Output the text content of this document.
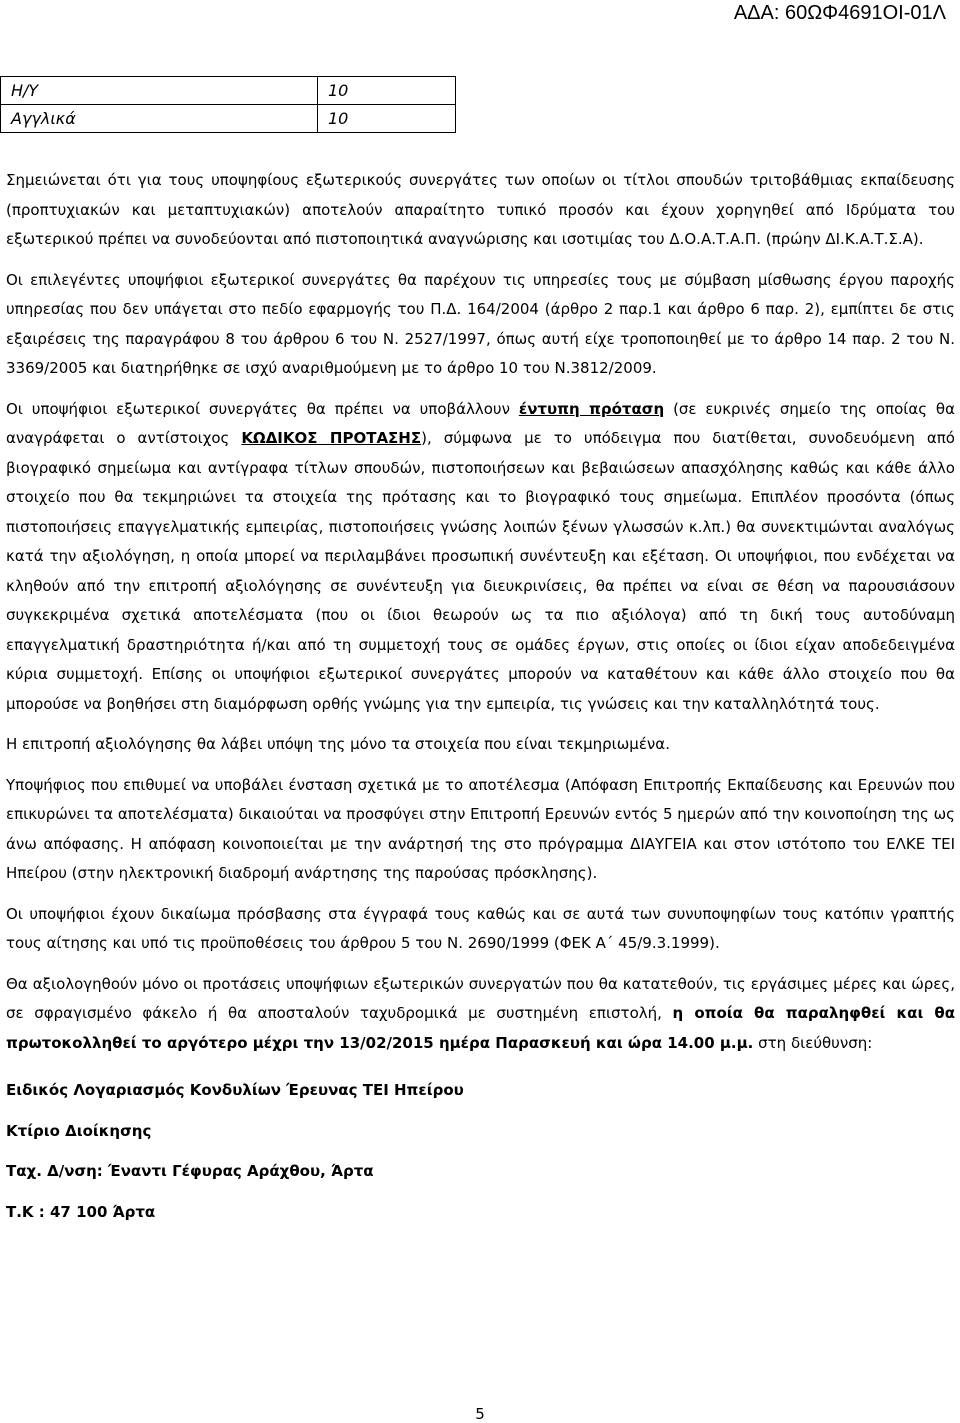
ΑΔΑ: 60ΩΦ4691ΟΙ-01Λ
Η/Υ	10
Αγγλικά	10

Σημειώνεται ότι για τους υποψηφίους εξωτερικούς συνεργάτες των οποίων οι τίτλοι σπουδών τριτοβάθμιας εκπαίδευσης (προπτυχιακών και μεταπτυχιακών) αποτελούν απαραίτητο τυπικό προσόν και έχουν χορηγηθεί από Ιδρύματα του εξωτερικού πρέπει να συνοδεύονται από πιστοποιητικά αναγνώρισης και ισοτιμίας του Δ.Ο.Α.Τ.Α.Π. (πρώην ΔΙ.Κ.Α.Τ.Σ.Α).

Οι επιλεγέντες υποψήφιοι εξωτερικοί συνεργάτες θα παρέχουν τις υπηρεσίες τους με σύμβαση μίσθωσης έργου παροχής υπηρεσίας που δεν υπάγεται στο πεδίο εφαρμογής του Π.Δ. 164/2004 (άρθρο 2 παρ.1 και άρθρο 6 παρ. 2), εμπίπτει δε στις εξαιρέσεις της παραγράφου 8 του άρθρου 6 του Ν. 2527/1997, όπως αυτή είχε τροποποιηθεί με το άρθρο 14 παρ. 2 του Ν. 3369/2005 και διατηρήθηκε σε ισχύ αναριθμούμενη με το άρθρο 10 του Ν.3812/2009.

Οι υποψήφιοι εξωτερικοί συνεργάτες θα πρέπει να υποβάλλουν έντυπη πρόταση (σε ευκρινές σημείο της οποίας θα αναγράφεται ο αντίστοιχος ΚΩΔΙΚΟΣ ΠΡΟΤΑΣΗΣ), σύμφωνα με το υπόδειγμα που διατίθεται, συνοδευόμενη από βιογραφικό σημείωμα και αντίγραφα τίτλων σπουδών, πιστοποιήσεων και βεβαιώσεων απασχόλησης καθώς και κάθε άλλο στοιχείο που θα τεκμηριώνει τα στοιχεία της πρότασης και το βιογραφικό τους σημείωμα. Επιπλέον προσόντα (όπως πιστοποιήσεις επαγγελματικής εμπειρίας, πιστοποιήσεις γνώσης λοιπών ξένων γλωσσών κ.λπ.) θα συνεκτιμώνται αναλόγως κατά την αξιολόγηση, η οποία μπορεί να περιλαμβάνει προσωπική συνέντευξη και εξέταση. Οι υποψήφιοι, που ενδέχεται να κληθούν από την επιτροπή αξιολόγησης σε συνέντευξη για διευκρινίσεις, θα πρέπει να είναι σε θέση να παρουσιάσουν συγκεκριμένα σχετικά αποτελέσματα (που οι ίδιοι θεωρούν ως τα πιο αξιόλογα) από τη δική τους αυτοδύναμη επαγγελματική δραστηριότητα ή/και από τη συμμετοχή τους σε ομάδες έργων, στις οποίες οι ίδιοι είχαν αποδεδειγμένα κύρια συμμετοχή. Επίσης οι υποψήφιοι εξωτερικοί συνεργάτες μπορούν να καταθέτουν και κάθε άλλο στοιχείο που θα μπορούσε να βοηθήσει στη διαμόρφωση ορθής γνώμης για την εμπειρία, τις γνώσεις και την καταλληλότητά τους.

Η επιτροπή αξιολόγησης θα λάβει υπόψη της μόνο τα στοιχεία που είναι τεκμηριωμένα.

Υποψήφιος που επιθυμεί να υποβάλει ένσταση σχετικά με το αποτέλεσμα (Απόφαση Επιτροπής Εκπαίδευσης και Ερευνών που επικυρώνει τα αποτελέσματα) δικαιούται να προσφύγει στην Επιτροπή Ερευνών εντός 5 ημερών από την κοινοποίηση της ως άνω απόφασης. Η απόφαση κοινοποιείται με την ανάρτησή της στο πρόγραμμα ΔΙΑΥΓΕΙΑ και στον ιστότοπο του ΕΛΚΕ ΤΕΙ Ηπείρου (στην ηλεκτρονική διαδρομή ανάρτησης της παρούσας πρόσκλησης).

Οι υποψήφιοι έχουν δικαίωμα πρόσβασης στα έγγραφά τους καθώς και σε αυτά των συνυποψηφίων τους κατόπιν γραπτής τους αίτησης και υπό τις προϋποθέσεις του άρθρου 5 του Ν. 2690/1999 (ΦΕΚ Α΄ 45/9.3.1999).

Θα αξιολογηθούν μόνο οι προτάσεις υποψήφιων εξωτερικών συνεργατών που θα κατατεθούν, τις εργάσιμες μέρες και ώρες, σε σφραγισμένο φάκελο ή θα αποσταλούν ταχυδρομικά με συστημένη επιστολή, η οποία θα παραληφθεί και θα πρωτοκολληθεί το αργότερο μέχρι την 13/02/2015 ημέρα Παρασκευή και ώρα 14.00 μ.μ. στη διεύθυνση:

Ειδικός Λογαριασμός Κονδυλίων Έρευνας ΤΕΙ Ηπείρου

Κτίριο Διοίκησης

Ταχ. Δ/νση: Έναντι Γέφυρας Αράχθου, Άρτα

Τ.Κ : 47 100 Άρτα

5
